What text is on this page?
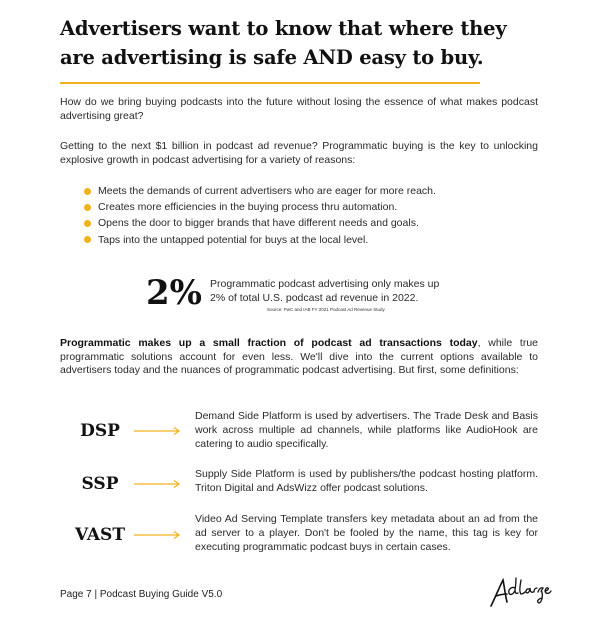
Advertisers want to know that where they are advertising is safe AND easy to buy.

How do we bring buying podcasts into the future without losing the essence of what makes podcast advertising great?

Getting to the next $1 billion in podcast ad revenue? Programmatic buying is the key to unlocking explosive growth in podcast advertising for a variety of reasons:

Meets the demands of current advertisers who are eager for more reach.
Creates more efficiencies in the buying process thru automation.
Opens the door to bigger brands that have different needs and goals.
Taps into the untapped potential for buys at the local level.

2% Programmatic podcast advertising only makes up 2% of total U.S. podcast ad revenue in 2022.

Source: PwC and IAB FY 2021 Podcast Ad Revenue Study

Programmatic makes up a small fraction of podcast ad transactions today, while true programmatic solutions account for even less. We'll dive into the current options available to advertisers today and the nuances of programmatic podcast advertising. But first, some definitions:

DSP

Demand Side Platform is used by advertisers. The Trade Desk and Basis work across multiple ad channels, while platforms like AudioHook are catering to audio specifically.

SSP	Supply Side Platform is used by publishers/the podcast hosting platform. Triton Digital and AdsWizz offer podcast solutions.

VAST

Video Ad Serving Template transfers key metadata about an ad from the ad server to a player. Don't be fooled by the name, this tag is key for executing programmatic podcast buys in certain cases.

Page 7 | Podcast Buying Guide V5.0
